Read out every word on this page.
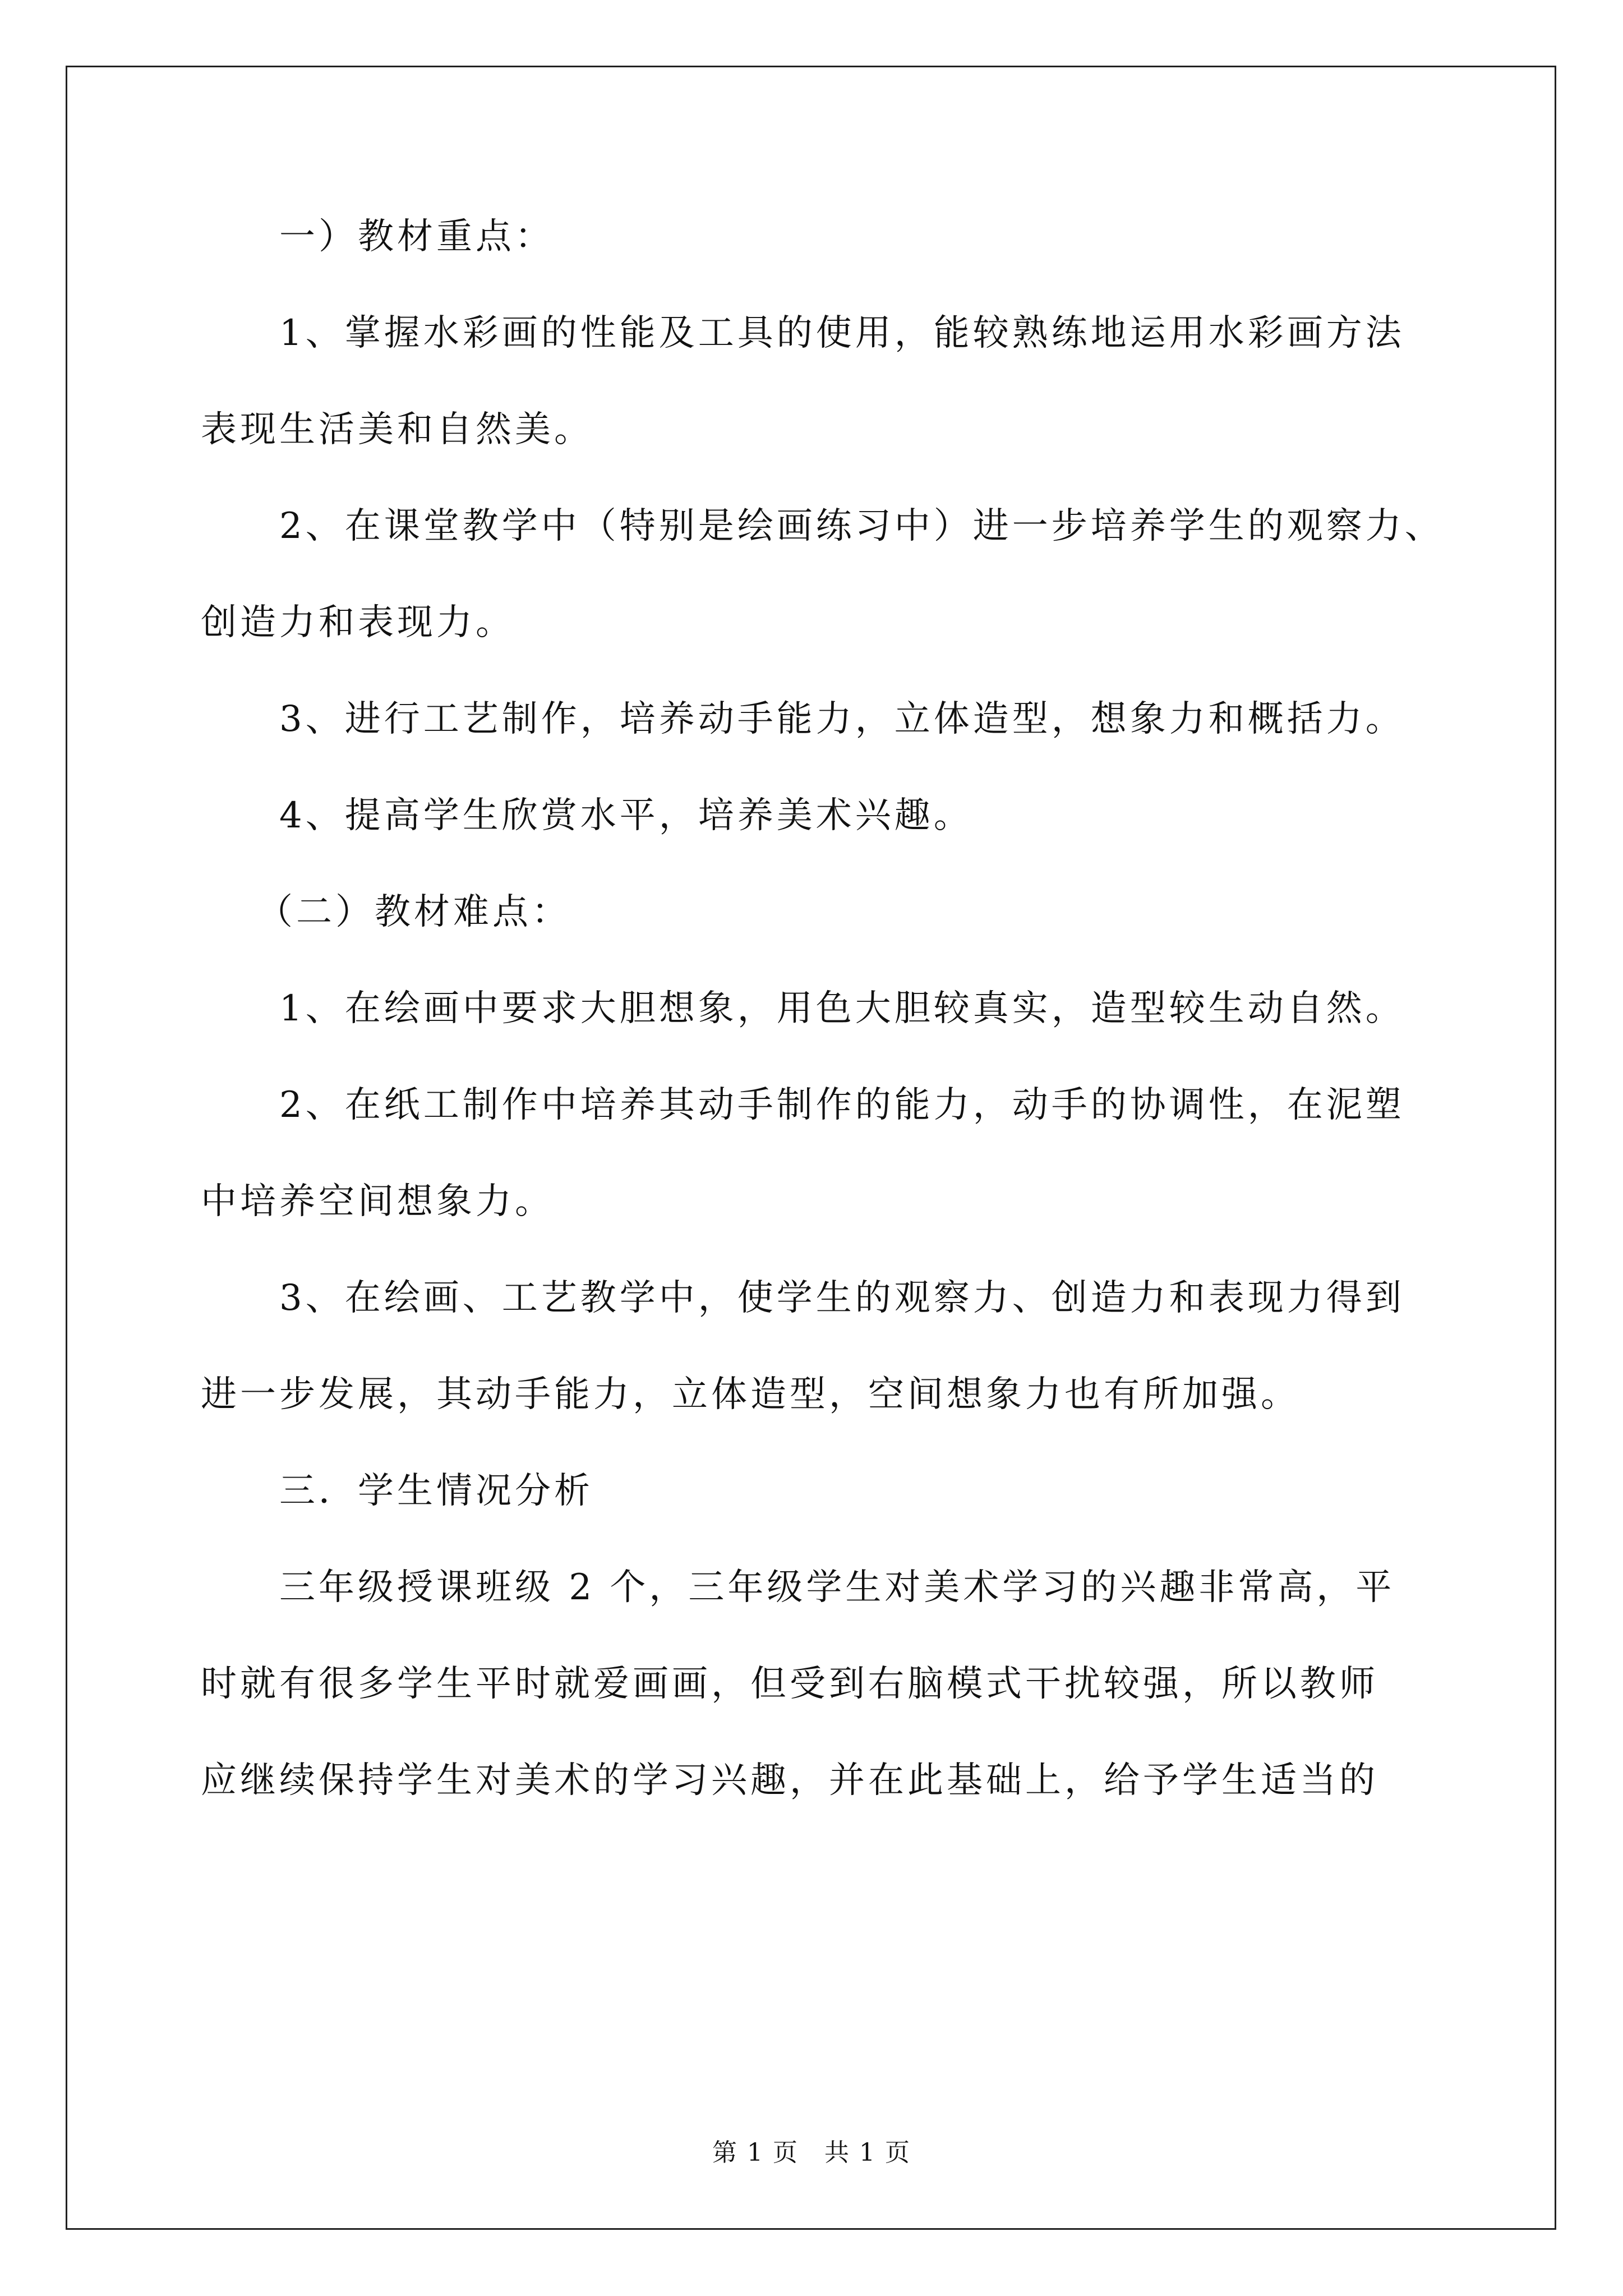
一）教材重点：
1、掌握水彩画的性能及工具的使用，能较熟练地运用水彩画方法
表现生活美和自然美。
2、在课堂教学中（特别是绘画练习中）进一步培养学生的观察力、
创造力和表现力。
3、进行工艺制作，培养动手能力，立体造型，想象力和概括力。
4、提高学生欣赏水平，培养美术兴趣。
（二）教材难点：
1、在绘画中要求大胆想象，用色大胆较真实，造型较生动自然。
2、在纸工制作中培养其动手制作的能力，动手的协调性，在泥塑
中培养空间想象力。
3、在绘画、工艺教学中，使学生的观察力、创造力和表现力得到
进一步发展，其动手能力，立体造型，空间想象力也有所加强。
三．学生情况分析
三年级授课班级 2 个，三年级学生对美术学习的兴趣非常高，平
时就有很多学生平时就爱画画，但受到右脑模式干扰较强，所以教师
应继续保持学生对美术的学习兴趣，并在此基础上，给予学生适当的
第 1 页　共 1 页
